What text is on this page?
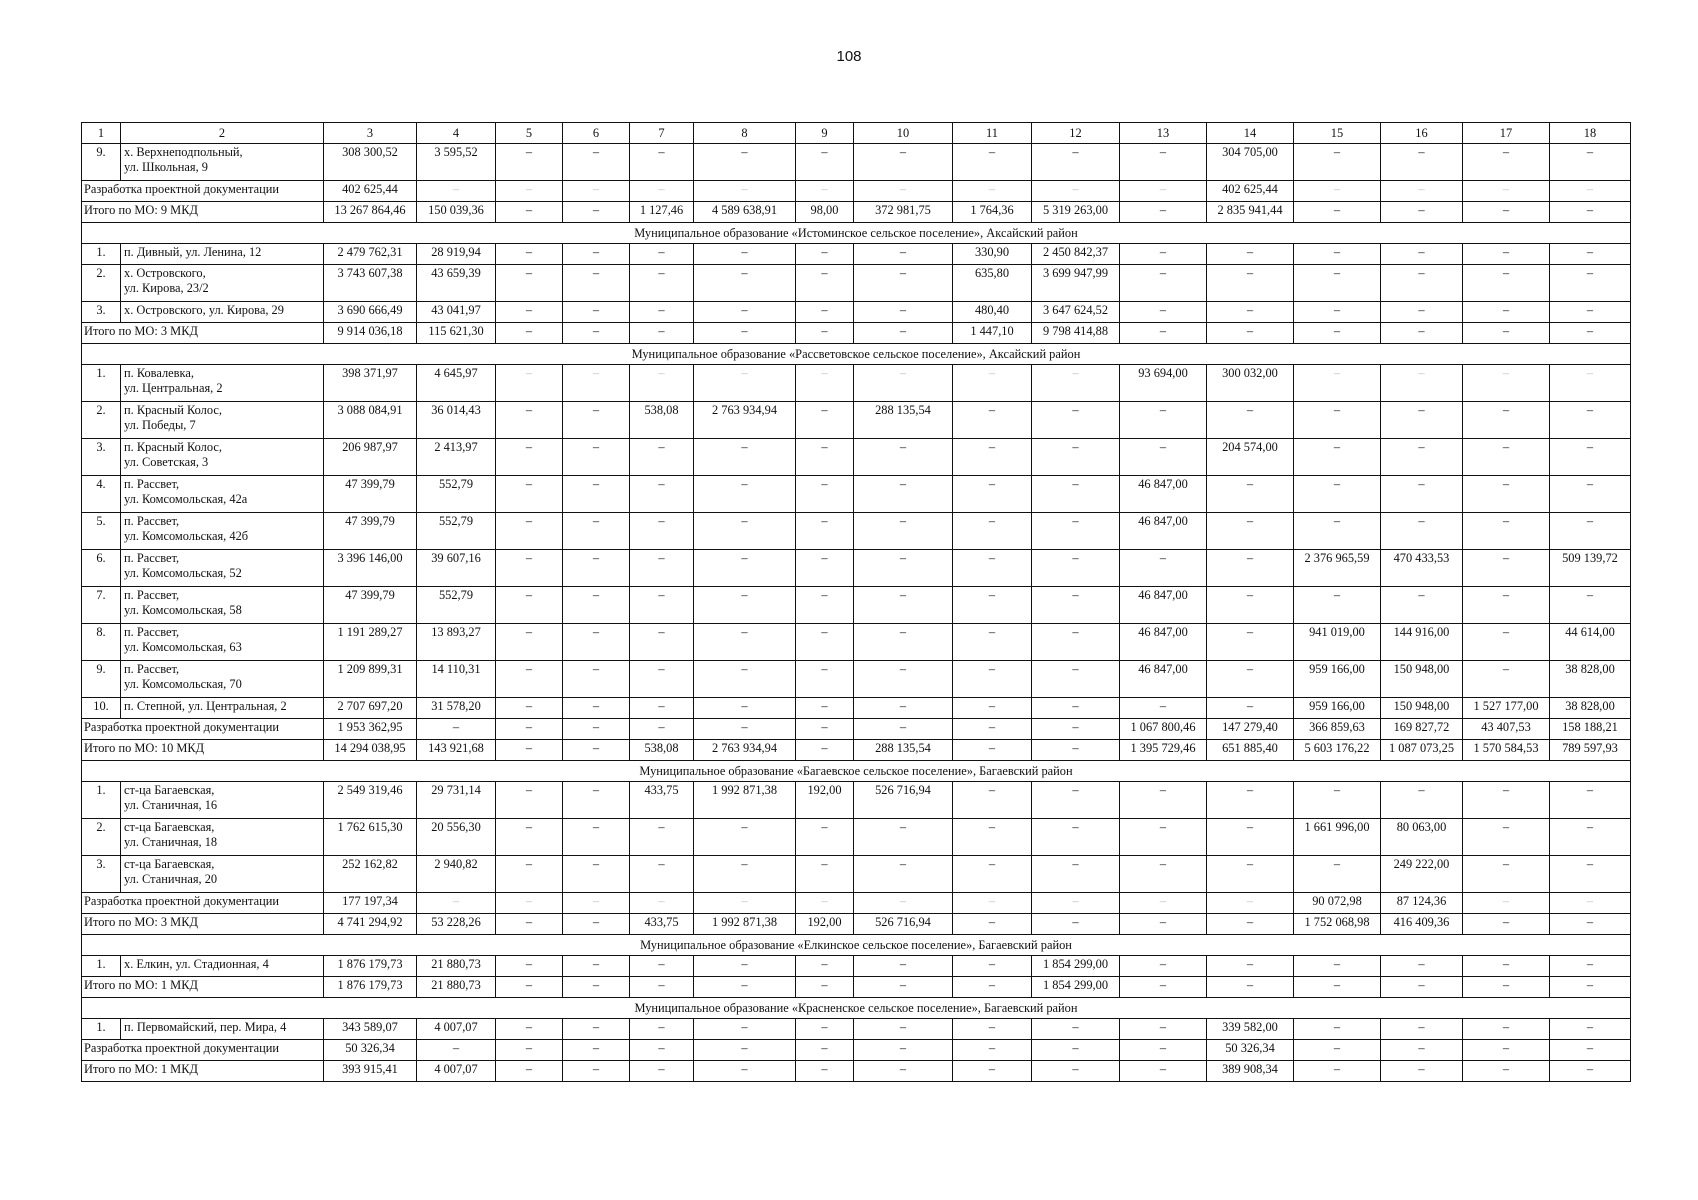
108
1	2	3	4	5	6	7	8	9	10	11	12	13	14	15	16	17	18
9.	х. Верхнеподпольный,
ул. Школьная, 9	308 300,52	3 595,52	–	–	–	–	–	–	–	–	–	304 705,00	–	–	–	–
Разработка проектной документации		402 625,44	–	–	–	–	–	–	–	–	–	–	402 625,44	–	–	–	–
Итого по МО: 9 МКД		13 267 864,46	150 039,36	–	–	1 127,46	4 589 638,91	98,00	372 981,75	1 764,36	5 319 263,00	–	2 835 941,44	–	–	–	–
Муниципальное образование «Истоминское сельское поселение», Аксайский район																	
1.	п. Дивный, ул. Ленина, 12	2 479 762,31	28 919,94	–	–	–	–	–	–	330,90	2 450 842,37	–	–	–	–	–	–
2.	х. Островского,
ул. Кирова, 23/2	3 743 607,38	43 659,39	–	–	–	–	–	–	635,80	3 699 947,99	–	–	–	–	–	–
3.	х. Островского, ул. Кирова, 29	3 690 666,49	43 041,97	–	–	–	–	–	–	480,40	3 647 624,52	–	–	–	–	–	–
Итого по МО: 3 МКД		9 914 036,18	115 621,30	–	–	–	–	–	–	1 447,10	9 798 414,88	–	–	–	–	–	–
Муниципальное образование «Рассветовское сельское поселение», Аксайский район																	
1.	п. Ковалевка,
ул. Центральная, 2	398 371,97	4 645,97	–	–	–	–	–	–	–	–	93 694,00	300 032,00	–	–	–	–
2.	п. Красный Колос,
ул. Победы, 7	3 088 084,91	36 014,43	–	–	538,08	2 763 934,94	–	288 135,54	–	–	–	–	–	–	–	–
3.	п. Красный Колос,
ул. Советская, 3	206 987,97	2 413,97	–	–	–	–	–	–	–	–	–	204 574,00	–	–	–	–
4.	п. Рассвет,
ул. Комсомольская, 42а	47 399,79	552,79	–	–	–	–	–	–	–	–	46 847,00	–	–	–	–	–
5.	п. Рассвет,
ул. Комсомольская, 42б	47 399,79	552,79	–	–	–	–	–	–	–	–	46 847,00	–	–	–	–	–
6.	п. Рассвет,
ул. Комсомольская, 52	3 396 146,00	39 607,16	–	–	–	–	–	–	–	–	–	–	2 376 965,59	470 433,53	–	509 139,72
7.	п. Рассвет,
ул. Комсомольская, 58	47 399,79	552,79	–	–	–	–	–	–	–	–	46 847,00	–	–	–	–	–
8.	п. Рассвет,
ул. Комсомольская, 63	1 191 289,27	13 893,27	–	–	–	–	–	–	–	–	46 847,00	–	941 019,00	144 916,00	–	44 614,00
9.	п. Рассвет,
ул. Комсомольская, 70	1 209 899,31	14 110,31	–	–	–	–	–	–	–	–	46 847,00	–	959 166,00	150 948,00	–	38 828,00
10.	п. Степной, ул. Центральная, 2	2 707 697,20	31 578,20	–	–	–	–	–	–	–	–	–	–	959 166,00	150 948,00	1 527 177,00	38 828,00
Разработка проектной документации		1 953 362,95	–	–	–	–	–	–	–	–	–	1 067 800,46	147 279,40	366 859,63	169 827,72	43 407,53	158 188,21
Итого по МО: 10 МКД		14 294 038,95	143 921,68	–	–	538,08	2 763 934,94	–	288 135,54	–	–	1 395 729,46	651 885,40	5 603 176,22	1 087 073,25	1 570 584,53	789 597,93
Муниципальное образование «Багаевское сельское поселение», Багаевский район																	
1.	ст-ца Багаевская,
ул. Станичная, 16	2 549 319,46	29 731,14	–	–	433,75	1 992 871,38	192,00	526 716,94	–	–	–	–	–	–	–	–
2.	ст-ца Багаевская,
ул. Станичная, 18	1 762 615,30	20 556,30	–	–	–	–	–	–	–	–	–	–	1 661 996,00	80 063,00	–	–
3.	ст-ца Багаевская,
ул. Станичная, 20	252 162,82	2 940,82	–	–	–	–	–	–	–	–	–	–	–	249 222,00	–	–
Разработка проектной документации		177 197,34	–	–	–	–	–	–	–	–	–	–	–	90 072,98	87 124,36	–	–
Итого по МО: 3 МКД		4 741 294,92	53 228,26	–	–	433,75	1 992 871,38	192,00	526 716,94	–	–	–	–	1 752 068,98	416 409,36	–	–
Муниципальное образование «Елкинское сельское поселение», Багаевский район																	
1.	х. Елкин, ул. Стадионная, 4	1 876 179,73	21 880,73	–	–	–	–	–	–	–	1 854 299,00	–	–	–	–	–	–
Итого по МО: 1 МКД		1 876 179,73	21 880,73	–	–	–	–	–	–	–	1 854 299,00	–	–	–	–	–	–
Муниципальное образование «Красненское сельское поселение», Багаевский район																	
1.	п. Первомайский, пер. Мира, 4	343 589,07	4 007,07	–	–	–	–	–	–	–	–	–	339 582,00	–	–	–	–
Разработка проектной документации		50 326,34	–	–	–	–	–	–	–	–	–	–	50 326,34	–	–	–	–
Итого по МО: 1 МКД		393 915,41	4 007,07	–	–	–	–	–	–	–	–	–	389 908,34	–	–	–	–
